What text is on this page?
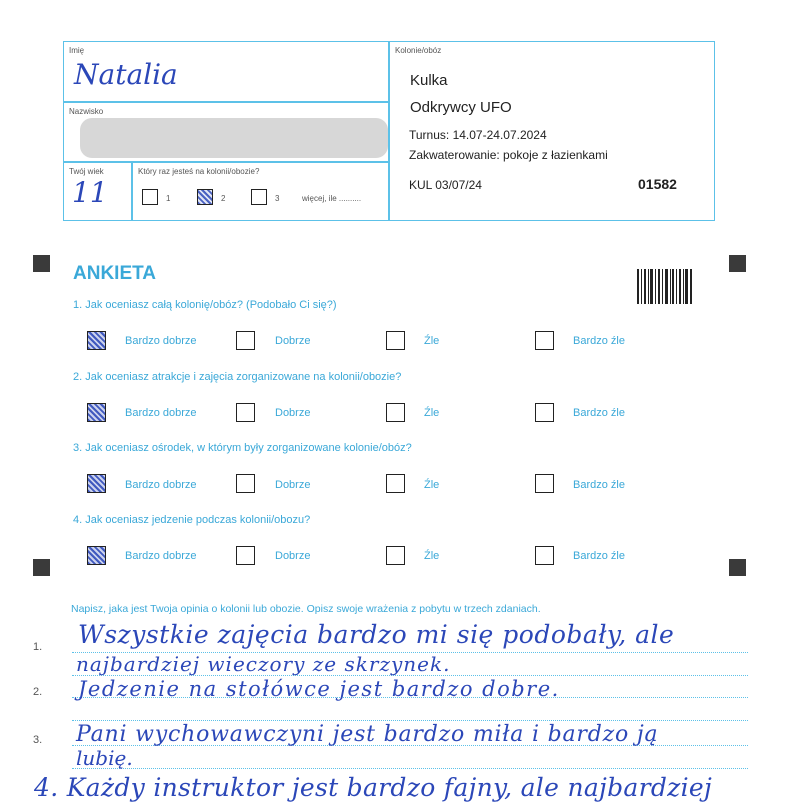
Imię
Natalia
Nazwisko
Twój wiek
11
Który raz jesteś na kolonii/obozie?
1	2	3	więcej, ile ..........
Kolonie/obóz
Kulka
Odkrywcy UFO
Turnus: 14.07-24.07.2024
Zakwaterowanie: pokoje z łazienkami
KUL 03/07/24	01582
ANKIETA
1. Jak oceniasz całą kolonię/obóz? (Podobało Ci się?)
Bardzo dobrze	Dobrze	Źle	Bardzo źle
2. Jak oceniasz atrakcje i zajęcia zorganizowane na kolonii/obozie?
Bardzo dobrze	Dobrze	Źle	Bardzo źle
3. Jak oceniasz ośrodek, w którym były zorganizowane kolonie/obóz?
Bardzo dobrze	Dobrze	Źle	Bardzo źle
4. Jak oceniasz jedzenie podczas kolonii/obozu?
Bardzo dobrze	Dobrze	Źle	Bardzo źle
Napisz, jaka jest Twoja opinia o kolonii lub obozie. Opisz swoje wrażenia z pobytu w trzech zdaniach.
1.
2.
3.
Wszystkie zajęcia bardzo mi się podobały, ale
najbardziej wieczory ze skrzynek.
Jedzenie na stołówce jest bardzo dobre.
Pani wychowawczyni jest bardzo miła i bardzo ją
lubię.
4. Każdy instruktor jest bardzo fajny, ale najbardziej
